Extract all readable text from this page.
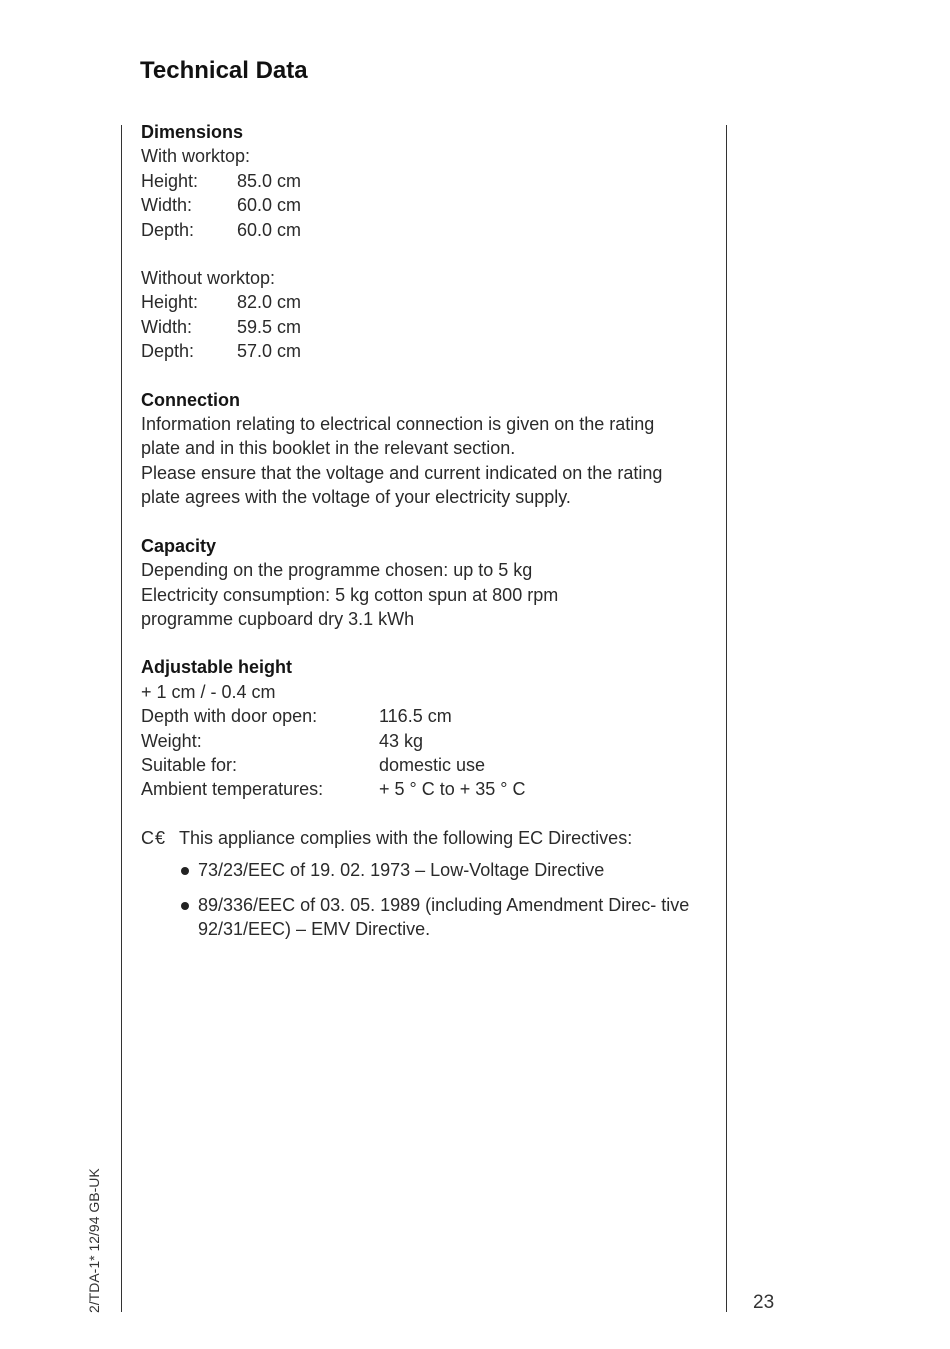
Technical Data

Dimensions

With worktop:

Height:	85.0 cm
Width:	60.0 cm
Depth:	60.0 cm

Without worktop:

Height:	82.0 cm
Width:	59.5 cm
Depth:	57.0 cm

Connection

Information relating to electrical connection is given on the rating

plate and in this booklet in the relevant section.

Please ensure that the voltage and current indicated on the rating

plate agrees with the voltage of your electricity supply.

Capacity

Depending on the programme chosen: up to 5 kg

Electricity consumption: 5 kg cotton spun at 800 rpm

programme cupboard dry 3.1 kWh

Adjustable height

+ 1 cm / - 0.4 cm

Depth with door open:	116.5 cm
Weight:	43 kg
Suitable for:	domestic use
Ambient temperatures:	+ 5 ° C to + 35 ° C

C€ This appliance complies with the following EC Directives:

73/23/EEC of 19. 02. 1973 – Low-Voltage Directive
89/336/EEC of 03. 05. 1989 (including Amendment Direc- tive 92/31/EEC) – EMV Directive.
2/TDA-1* 12/94 GB-UK	23
